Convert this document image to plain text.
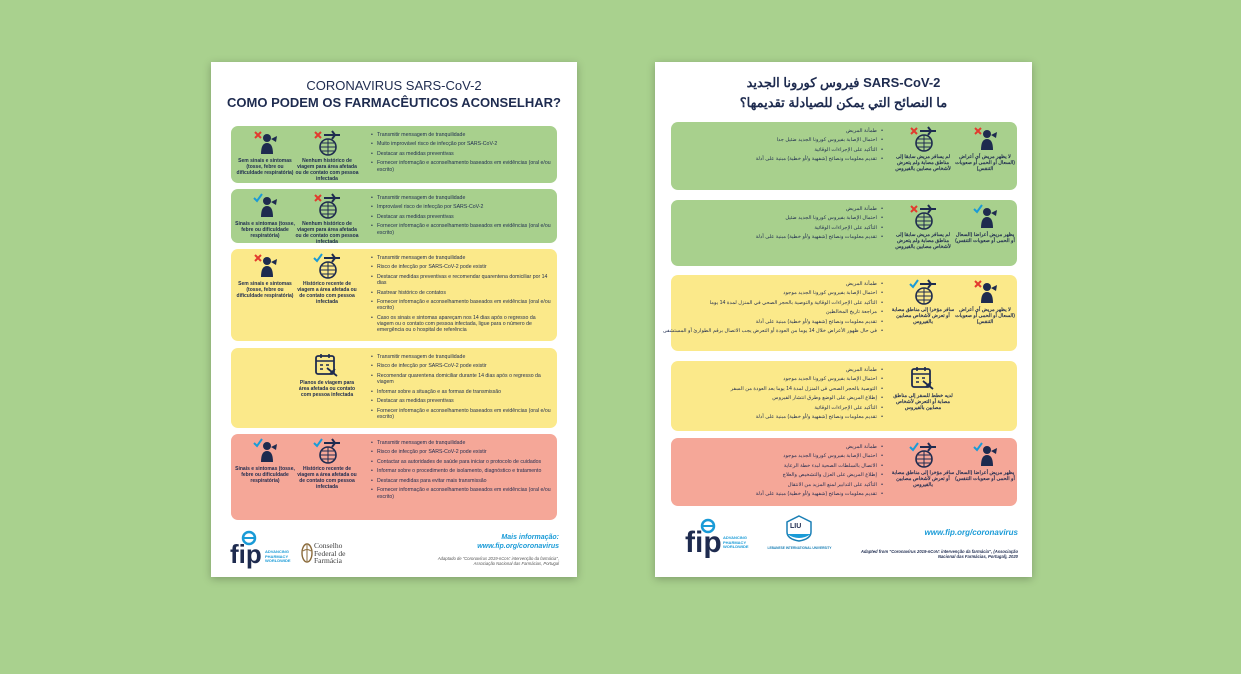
CORONAVIRUS SARS-CoV-2
COMO PODEM OS FARMACÊUTICOS ACONSELHAR?
Sem sinais e sintomas (tosse, febre ou dificuldade respiratória)
Nenhum histórico de viagem para área afetada ou de contato com pessoa infectada
• Transmitir mensagem de tranquilidade
• Muito improvável risco de infecção por SARS-CoV-2
• Destacar as medidas preventivas
• Fornecer informação e aconselhamento baseados em evidências (oral e/ou escrito)
Sinais e sintomas (tosse, febre ou dificuldade respiratória)
Nenhum histórico de viagem para área afetada ou de contato com pessoa infectada
• Transmitir mensagem de tranquilidade
• Improvável risco de infecção por SARS-CoV-2
• Destacar as medidas preventivas
• Fornecer informação e aconselhamento baseados em evidências (oral e/ou escrito)
Sem sinais e sintomas (tosse, febre ou dificuldade respiratória)
Histórico recente de viagem a área afetada ou de contato com pessoa infectada
• Transmitir mensagem de tranquilidade
• Risco de infecção por SARS-CoV-2 pode existir
• Destacar medidas preventivas e recomendar quarentena domiciliar por 14 dias
• Rastrear histórico de contatos
• Fornecer informação e aconselhamento baseados em evidências (oral e/ou escrito)
• Caso os sinais e sintomas apareçam nos 14 dias após o regresso da viagem ou o contato com pessoa infectada, ligue para o número de emergência ou o hospital de referência
Planos de viagem para área afetada ou contato com pessoa infectada
• Transmitir mensagem de tranquilidade
• Risco de infecção por SARS-CoV-2 pode existir
• Recomendar quarentena domiciliar durante 14 dias após o regresso da viagem
• Informar sobre a situação e as formas de transmissão
• Destacar as medidas preventivas
• Fornecer informação e aconselhamento baseados em evidências (oral e/ou escrito)
Sinais e sintomas (tosse, febre ou dificuldade respiratória)
Histórico recente de viagem a área afetada ou de contato com pessoa infectada
• Transmitir mensagem de tranquilidade
• Risco de infecção por SARS-CoV-2 pode existir
• Contactar as autoridades de saúde para iniciar o protocolo de cuidados
• Informar sobre o procedimento de isolamento, diagnóstico e tratamento
• Destacar medidas para evitar mais transmissão
• Fornecer informação e aconselhamento baseados em evidências (oral e/ou escrito)
Mais informação:
www.fip.org/coronavirus
Adaptado de "Coronavírus 2019-nCoV: intervenção da farmácia", Associação Nacional das Farmácias, Portugal
fip ADVANCING PHARMACY WORLDWIDE
Conselho Federal de Farmácia
فيروس كورونا الجديد SARS-CoV-2
ما النصائح التي يمكن للصيادلة تقديمها؟
لا يظهر مريض أي أعراض (السعال أو الحمى أو صعوبات التنفس)
لم يسافر مريض سابقا إلى مناطق مصابة ولم يتعرض لأشخاص مصابين بالفيروس
• طمأنة المريض
• احتمال الإصابة بفيروس كورونا الجديد ضئيل جدا
• التأكيد على الإجراءات الوقائية
• تقديم معلومات ونصائح (شفهية و/أو خطية) مبنية على أدلة
يظهر مريض أعراضا (السعال أو الحمى أو صعوبات التنفس)
لم يسافر مريض سابقا إلى مناطق مصابة ولم يتعرض لأشخاص مصابين بالفيروس
• طمأنة المريض
• احتمال الإصابة بفيروس كورونا الجديد ضئيل
• التأكيد على الإجراءات الوقائية
• تقديم معلومات ونصائح (شفهية و/أو خطية) مبنية على أدلة
لا يظهر مريض أي أعراض (السعال أو الحمى أو صعوبات التنفس)
سافر مؤخرا إلى مناطق مصابة أو تعرض لأشخاص مصابين بالفيروس
• طمأنة المريض
• احتمال الإصابة بفيروس كورونا الجديد موجود
• التأكيد على الإجراءات الوقائية والتوصية بالحجر الصحي في المنزل لمدة 14 يوما
• مراجعة تاريخ المخالطين
• تقديم معلومات ونصائح (شفهية و/أو خطية) مبنية على أدلة
• في حال ظهور الأعراض خلال 14 يوما من العودة أو التعرض يجب الاتصال برقم الطوارئ أو المستشفى
لديه خطط للسفر إلى مناطق مصابة أو التعرض لأشخاص مصابين بالفيروس
• طمأنة المريض
• احتمال الإصابة بفيروس كورونا الجديد موجود
• التوصية بالحجر الصحي في المنزل لمدة 14 يوما بعد العودة من السفر
• إطلاع المريض على الوضع وطرق انتشار الفيروس
• التأكيد على الإجراءات الوقائية
• تقديم معلومات ونصائح (شفهية و/أو خطية) مبنية على أدلة
يظهر مريض أعراضا (السعال أو الحمى أو صعوبات التنفس)
سافر مؤخرا إلى مناطق مصابة أو تعرض لأشخاص مصابين بالفيروس
• طمأنة المريض
• احتمال الإصابة بفيروس كورونا الجديد موجود
• الاتصال بالسلطات الصحية لبدء خطة الرعاية
• إطلاع المريض على العزل والتشخيص والعلاج
• التأكيد على التدابير لمنع المزيد من الانتقال
• تقديم معلومات ونصائح (شفهية و/أو خطية) مبنية على أدلة
www.fip.org/coronavirus
Adapted from "Coronavírus 2019-nCoV: intervenção da farmácia", (Associação Nacional das Farmácias, Portugal), 2020
fip ADVANCING PHARMACY WORLDWIDE
LIU
LEBANESE INTERNATIONAL UNIVERSITY
